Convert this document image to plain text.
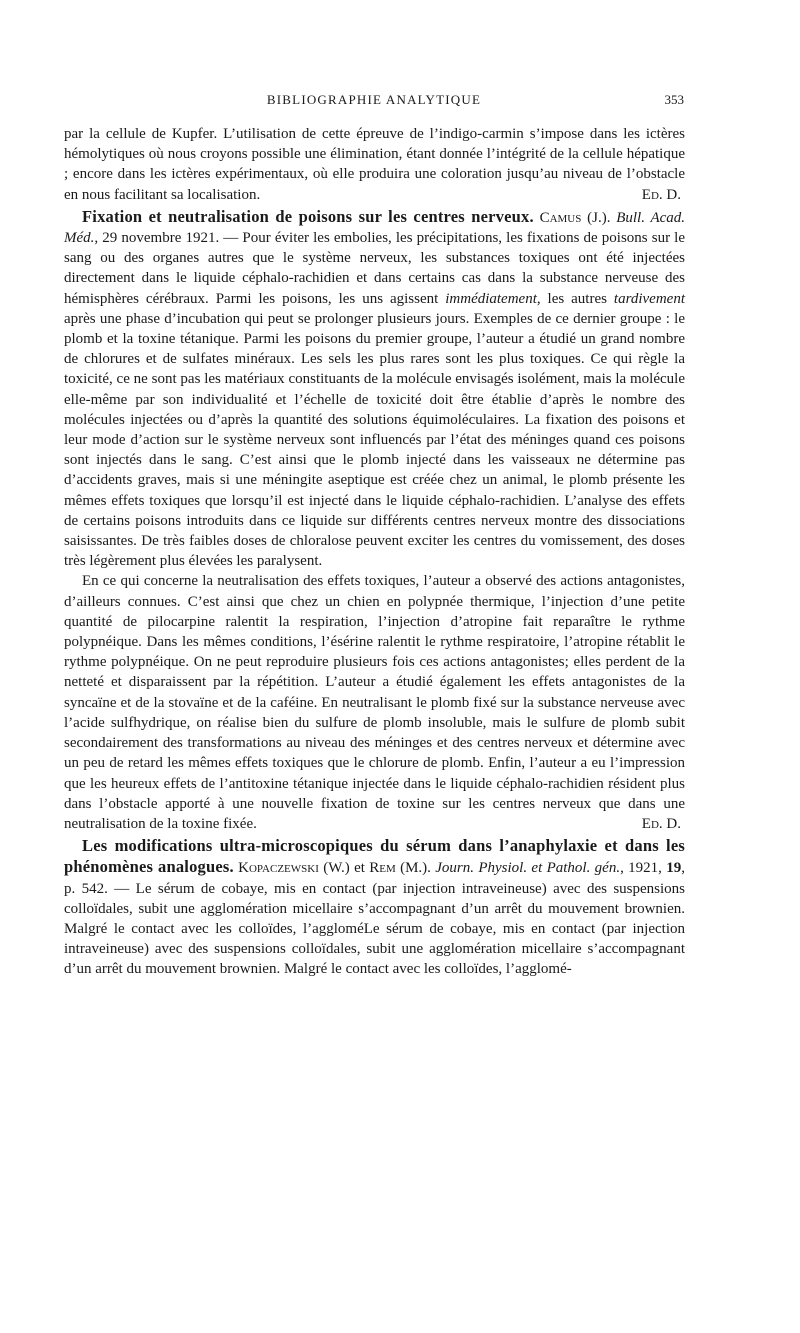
BIBLIOGRAPHIE ANALYTIQUE	353

par la cellule de Kupfer. L’utilisation de cette épreuve de l’indigo-carmin s’impose dans les ictères hémolytiques où nous croyons possible une élimination, étant donnée l’intégrité de la cellule hépatique ; encore dans les ictères expérimentaux, où elle produira une coloration jusqu’au niveau de l’obstacle en nous facilitant sa localisation.	Ed. D.

Fixation et neutralisation de poisons sur les centres nerveux. Camus (J.). Bull. Acad. Méd., 29 novembre 1921. — Pour éviter les embolies, les précipitations, les fixations de poisons sur le sang ou des organes autres que le système nerveux, les substances toxiques ont été injectées directement dans le liquide céphalo-rachidien et dans certains cas dans la substance nerveuse des hémisphères cérébraux. Parmi les poisons, les uns agissent immédiatement, les autres tardivement après une phase d’incubation qui peut se prolonger plusieurs jours. Exemples de ce dernier groupe : le plomb et la toxine tétanique. Parmi les poisons du premier groupe, l’auteur a étudié un grand nombre de chlorures et de sulfates minéraux. Les sels les plus rares sont les plus toxiques. Ce qui règle la toxicité, ce ne sont pas les matériaux constituants de la molécule envisagés isolément, mais la molécule elle-même par son individualité et l’échelle de toxicité doit être établie d’après le nombre des molécules injectées ou d’après la quantité des solutions équimoléculaires. La fixation des poisons et leur mode d’action sur le système nerveux sont influencés par l’état des méninges quand ces poisons sont injectés dans le sang. C’est ainsi que le plomb injecté dans les vaisseaux ne détermine pas d’accidents graves, mais si une méningite aseptique est créée chez un animal, le plomb présente les mêmes effets toxiques que lorsqu’il est injecté dans le liquide céphalo-rachidien. L’analyse des effets de certains poisons introduits dans ce liquide sur différents centres nerveux montre des dissociations saisissantes. De très faibles doses de chloralose peuvent exciter les centres du vomissement, des doses très légèrement plus élevées les paralysent.

En ce qui concerne la neutralisation des effets toxiques, l’auteur a observé des actions antagonistes, d’ailleurs connues. C’est ainsi que chez un chien en polypnée thermique, l’injection d’une petite quantité de pilocarpine ralentit la respiration, l’injection d’atropine fait reparaître le rythme polypnéique. Dans les mêmes conditions, l’ésérine ralentit le rythme respiratoire, l’atropine rétablit le rythme polypnéique. On ne peut reproduire plusieurs fois ces actions antagonistes; elles perdent de la netteté et disparaissent par la répétition. L’auteur a étudié également les effets antagonistes de la syncaïne et de la stovaïne et de la caféine. En neutralisant le plomb fixé sur la substance nerveuse avec l’acide sulfhydrique, on réalise bien du sulfure de plomb insoluble, mais le sulfure de plomb subit secondairement des transformations au niveau des méninges et des centres nerveux et détermine avec un peu de retard les mêmes effets toxiques que le chlorure de plomb. Enfin, l’auteur a eu l’impression que les heureux effets de l’antitoxine tétanique injectée dans le liquide céphalo-rachidien résident plus dans l’obstacle apporté à une nouvelle fixation de toxine sur les centres nerveux que dans une neutralisation de la toxine fixée.	Ed. D.

Les modifications ultra-microscopiques du sérum dans l’anaphylaxie et dans les phénomènes analogues. Kopaczewski (W.) et Rem (M.). Journ. Physiol. et Pathol. gén., 1921, 19, p. 542. — Le sérum de cobaye, mis en contact (par injection intraveineuse) avec des suspensions colloïdales, subit une agglomération micellaire s’accompagnant d’un arrêt du mouvement brownien. Malgré le contact avec les colloïdes, l’aggloméLe sérum de cobaye, mis en contact (par injection intraveineuse) avec des suspensions colloïdales, subit une agglomération micellaire s’accompagnant d’un arrêt du mouvement brownien. Malgré le contact avec les colloïdes, l’agglomé-
